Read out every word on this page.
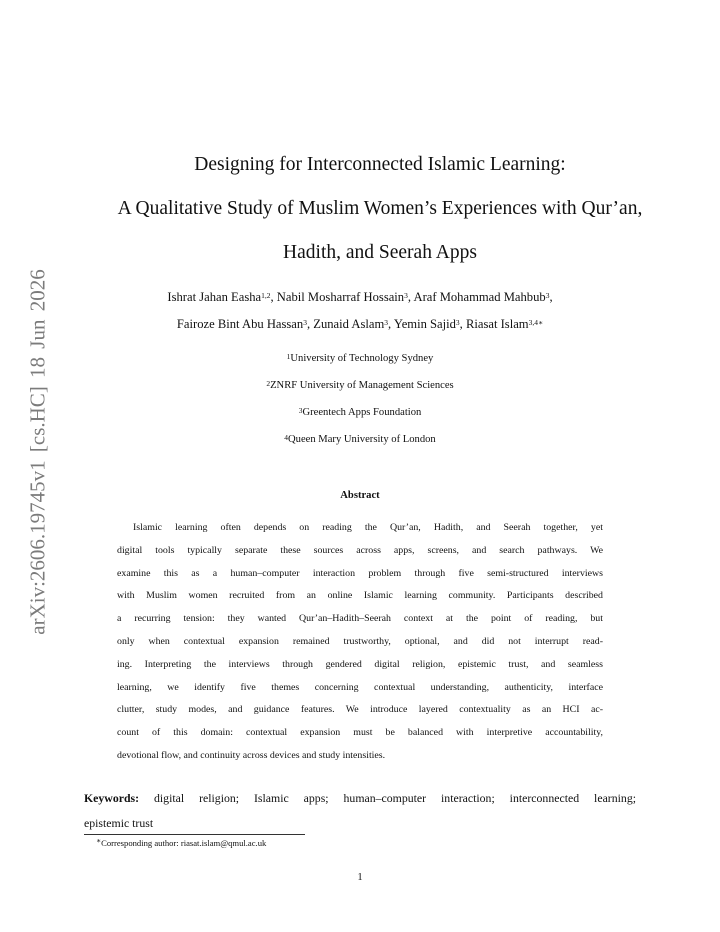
arXiv:2606.19745v1 [cs.HC] 18 Jun 2026
Designing for Interconnected Islamic Learning:
A Qualitative Study of Muslim Women’s Experiences with Qur’an,
Hadith, and Seerah Apps
Ishrat Jahan Easha$^{1,2}$, Nabil Mosharraf Hossain$^3$, Araf Mohammad Mahbub$^3$,
Fairoze Bint Abu Hassan$^3$, Zunaid Aslam$^3$, Yemin Sajid$^3$, Riasat Islam$^{3,4∗}$
$^1$University of Technology Sydney
$^2$ZNRF University of Management Sciences
$^3$Greentech Apps Foundation
$^4$Queen Mary University of London
Abstract
Islamic learning often depends on reading the Qur’an, Hadith, and Seerah together, yet
digital tools typically separate these sources across apps, screens, and search pathways. We
examine this as a human–computer interaction problem through five semi-structured interviews
with Muslim women recruited from an online Islamic learning community. Participants described
a recurring tension: they wanted Qur’an–Hadith–Seerah context at the point of reading, but
only when contextual expansion remained trustworthy, optional, and did not interrupt read-
ing. Interpreting the interviews through gendered digital religion, epistemic trust, and seamless
learning, we identify five themes concerning contextual understanding, authenticity, interface
clutter, study modes, and guidance features. We introduce layered contextuality as an HCI ac-
count of this domain: contextual expansion must be balanced with interpretive accountability,
devotional flow, and continuity across devices and study intensities.
Keywords: digital religion; Islamic apps; human–computer interaction; interconnected learning;
epistemic trust
∗Corresponding author: riasat.islam@qmul.ac.uk
1
